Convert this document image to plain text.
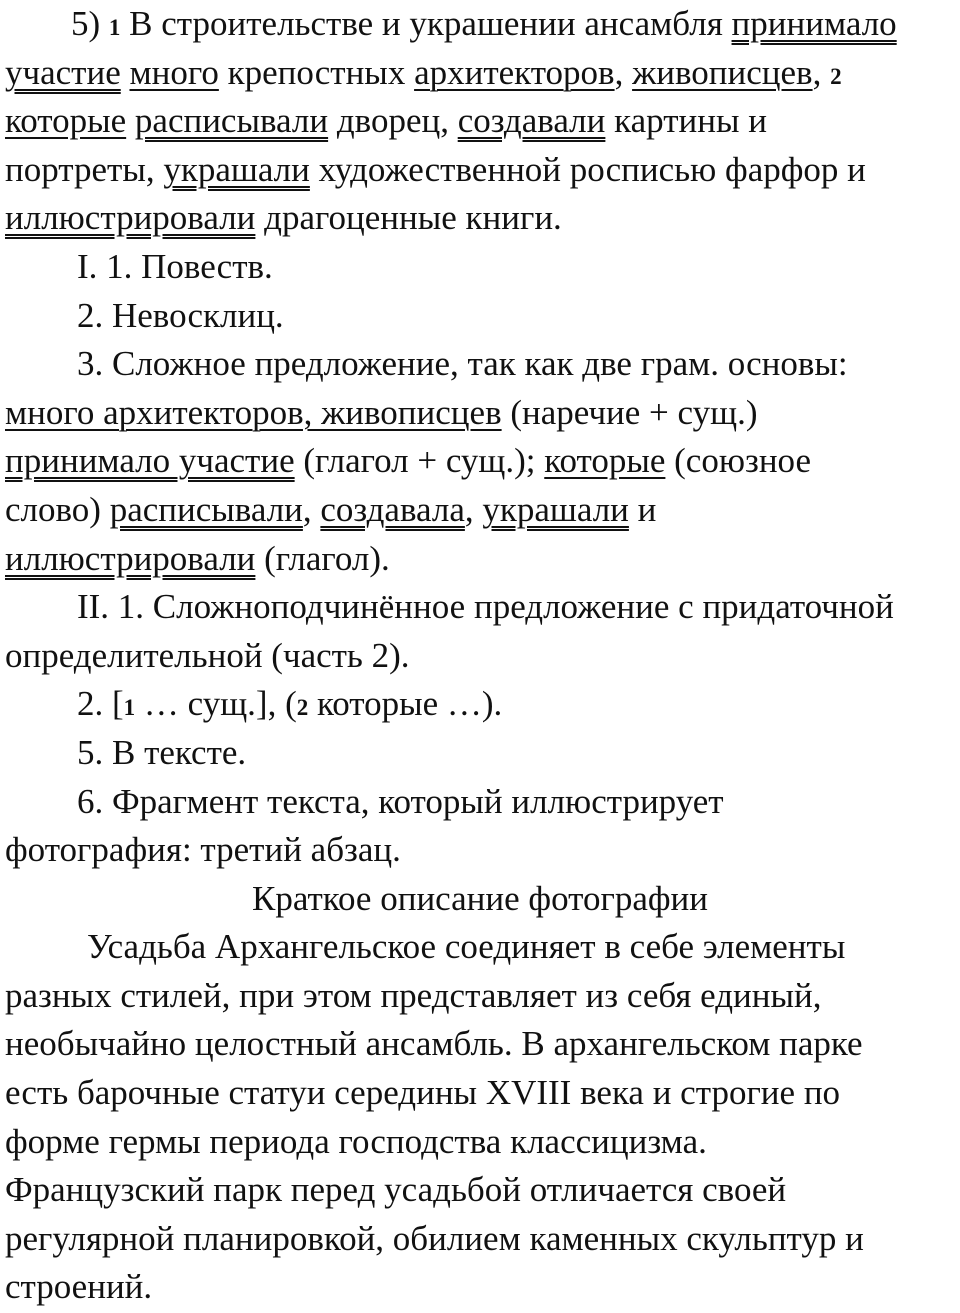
5) 1 В строительстве и украшении ансамбля принимало
участие много крепостных архитекторов, живописцев, 2
которые расписывали дворец, создавали картины и
портреты, украшали художественной росписью фарфор и
иллюстрировали драгоценные книги.
I. 1. Повеств.
2. Невосклиц.
3. Сложное предложение, так как две грам. основы:
много архитекторов, живописцев (наречие + сущ.)
принимало участие (глагол + сущ.); которые (союзное
слово) расписывали, создавала, украшали и
иллюстрировали (глагол).
II. 1. Сложноподчинённое предложение с придаточной
определительной (часть 2).
2. [1 … сущ.], (2 которые …).
5. В тексте.
6. Фрагмент текста, который иллюстрирует
фотография: третий абзац.
Краткое описание фотографии
Усадьба Архангельское соединяет в себе элементы
разных стилей, при этом представляет из себя единый,
необычайно целостный ансамбль. В архангельском парке
есть барочные статуи середины XVIII века и строгие по
форме гермы периода господства классицизма.
Французский парк перед усадьбой отличается своей
регулярной планировкой, обилием каменных скульптур и
строений.
